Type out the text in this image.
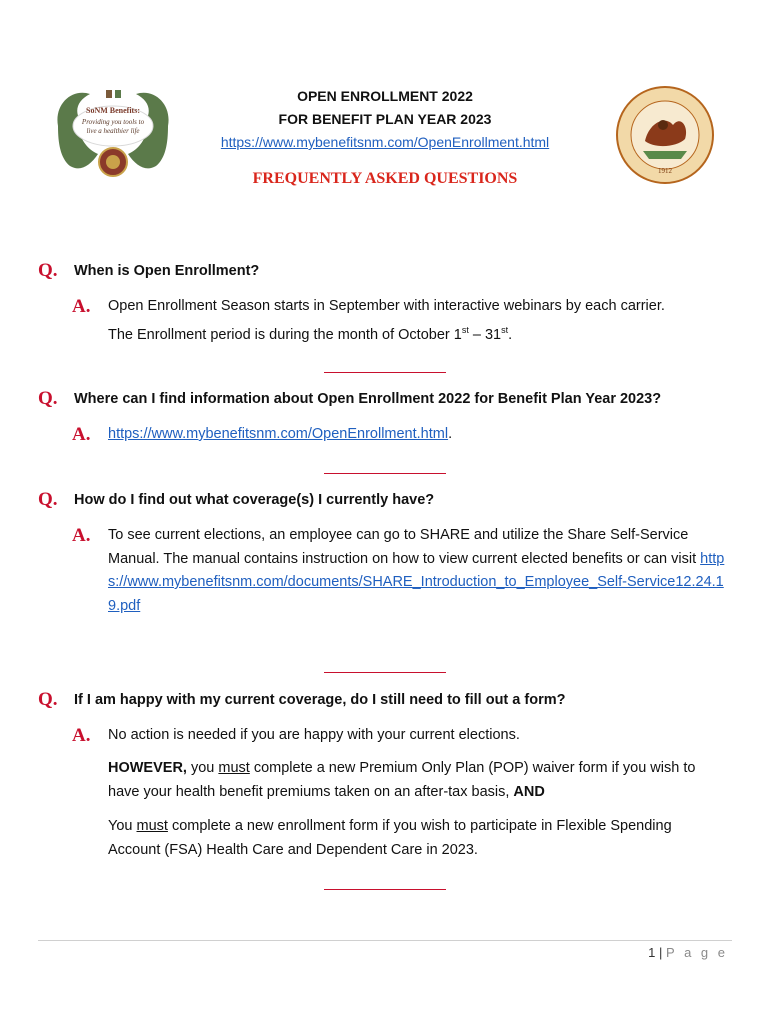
SoNM Benefits:
Providing you tools to
live a healthier life
OPEN ENROLLMENT 2022
FOR BENEFIT PLAN YEAR 2023
https://www.mybenefitsnm.com/OpenEnrollment.html
1912
FREQUENTLY ASKED QUESTIONS
Q. When is Open Enrollment?
A. Open Enrollment Season starts in September with interactive webinars by each carrier.
The Enrollment period is during the month of October 1st – 31st.
Q. Where can I find information about Open Enrollment 2022 for Benefit Plan Year 2023?
A. https://www.mybenefitsnm.com/OpenEnrollment.html.
Q. How do I find out what coverage(s) I currently have?
A. To see current elections, an employee can go to SHARE and utilize the Share Self-Service Manual. The manual contains instruction on how to view current elected benefits or can visit https://www.mybenefitsnm.com/documents/SHARE_Introduction_to_Employee_Self-Service12.24.19.pdf
Q. If I am happy with my current coverage, do I still need to fill out a form?
A. No action is needed if you are happy with your current elections.
HOWEVER, you must complete a new Premium Only Plan (POP) waiver form if you wish to have your health benefit premiums taken on an after-tax basis, AND
You must complete a new enrollment form if you wish to participate in Flexible Spending Account (FSA) Health Care and Dependent Care in 2023.
1 | P a g e
